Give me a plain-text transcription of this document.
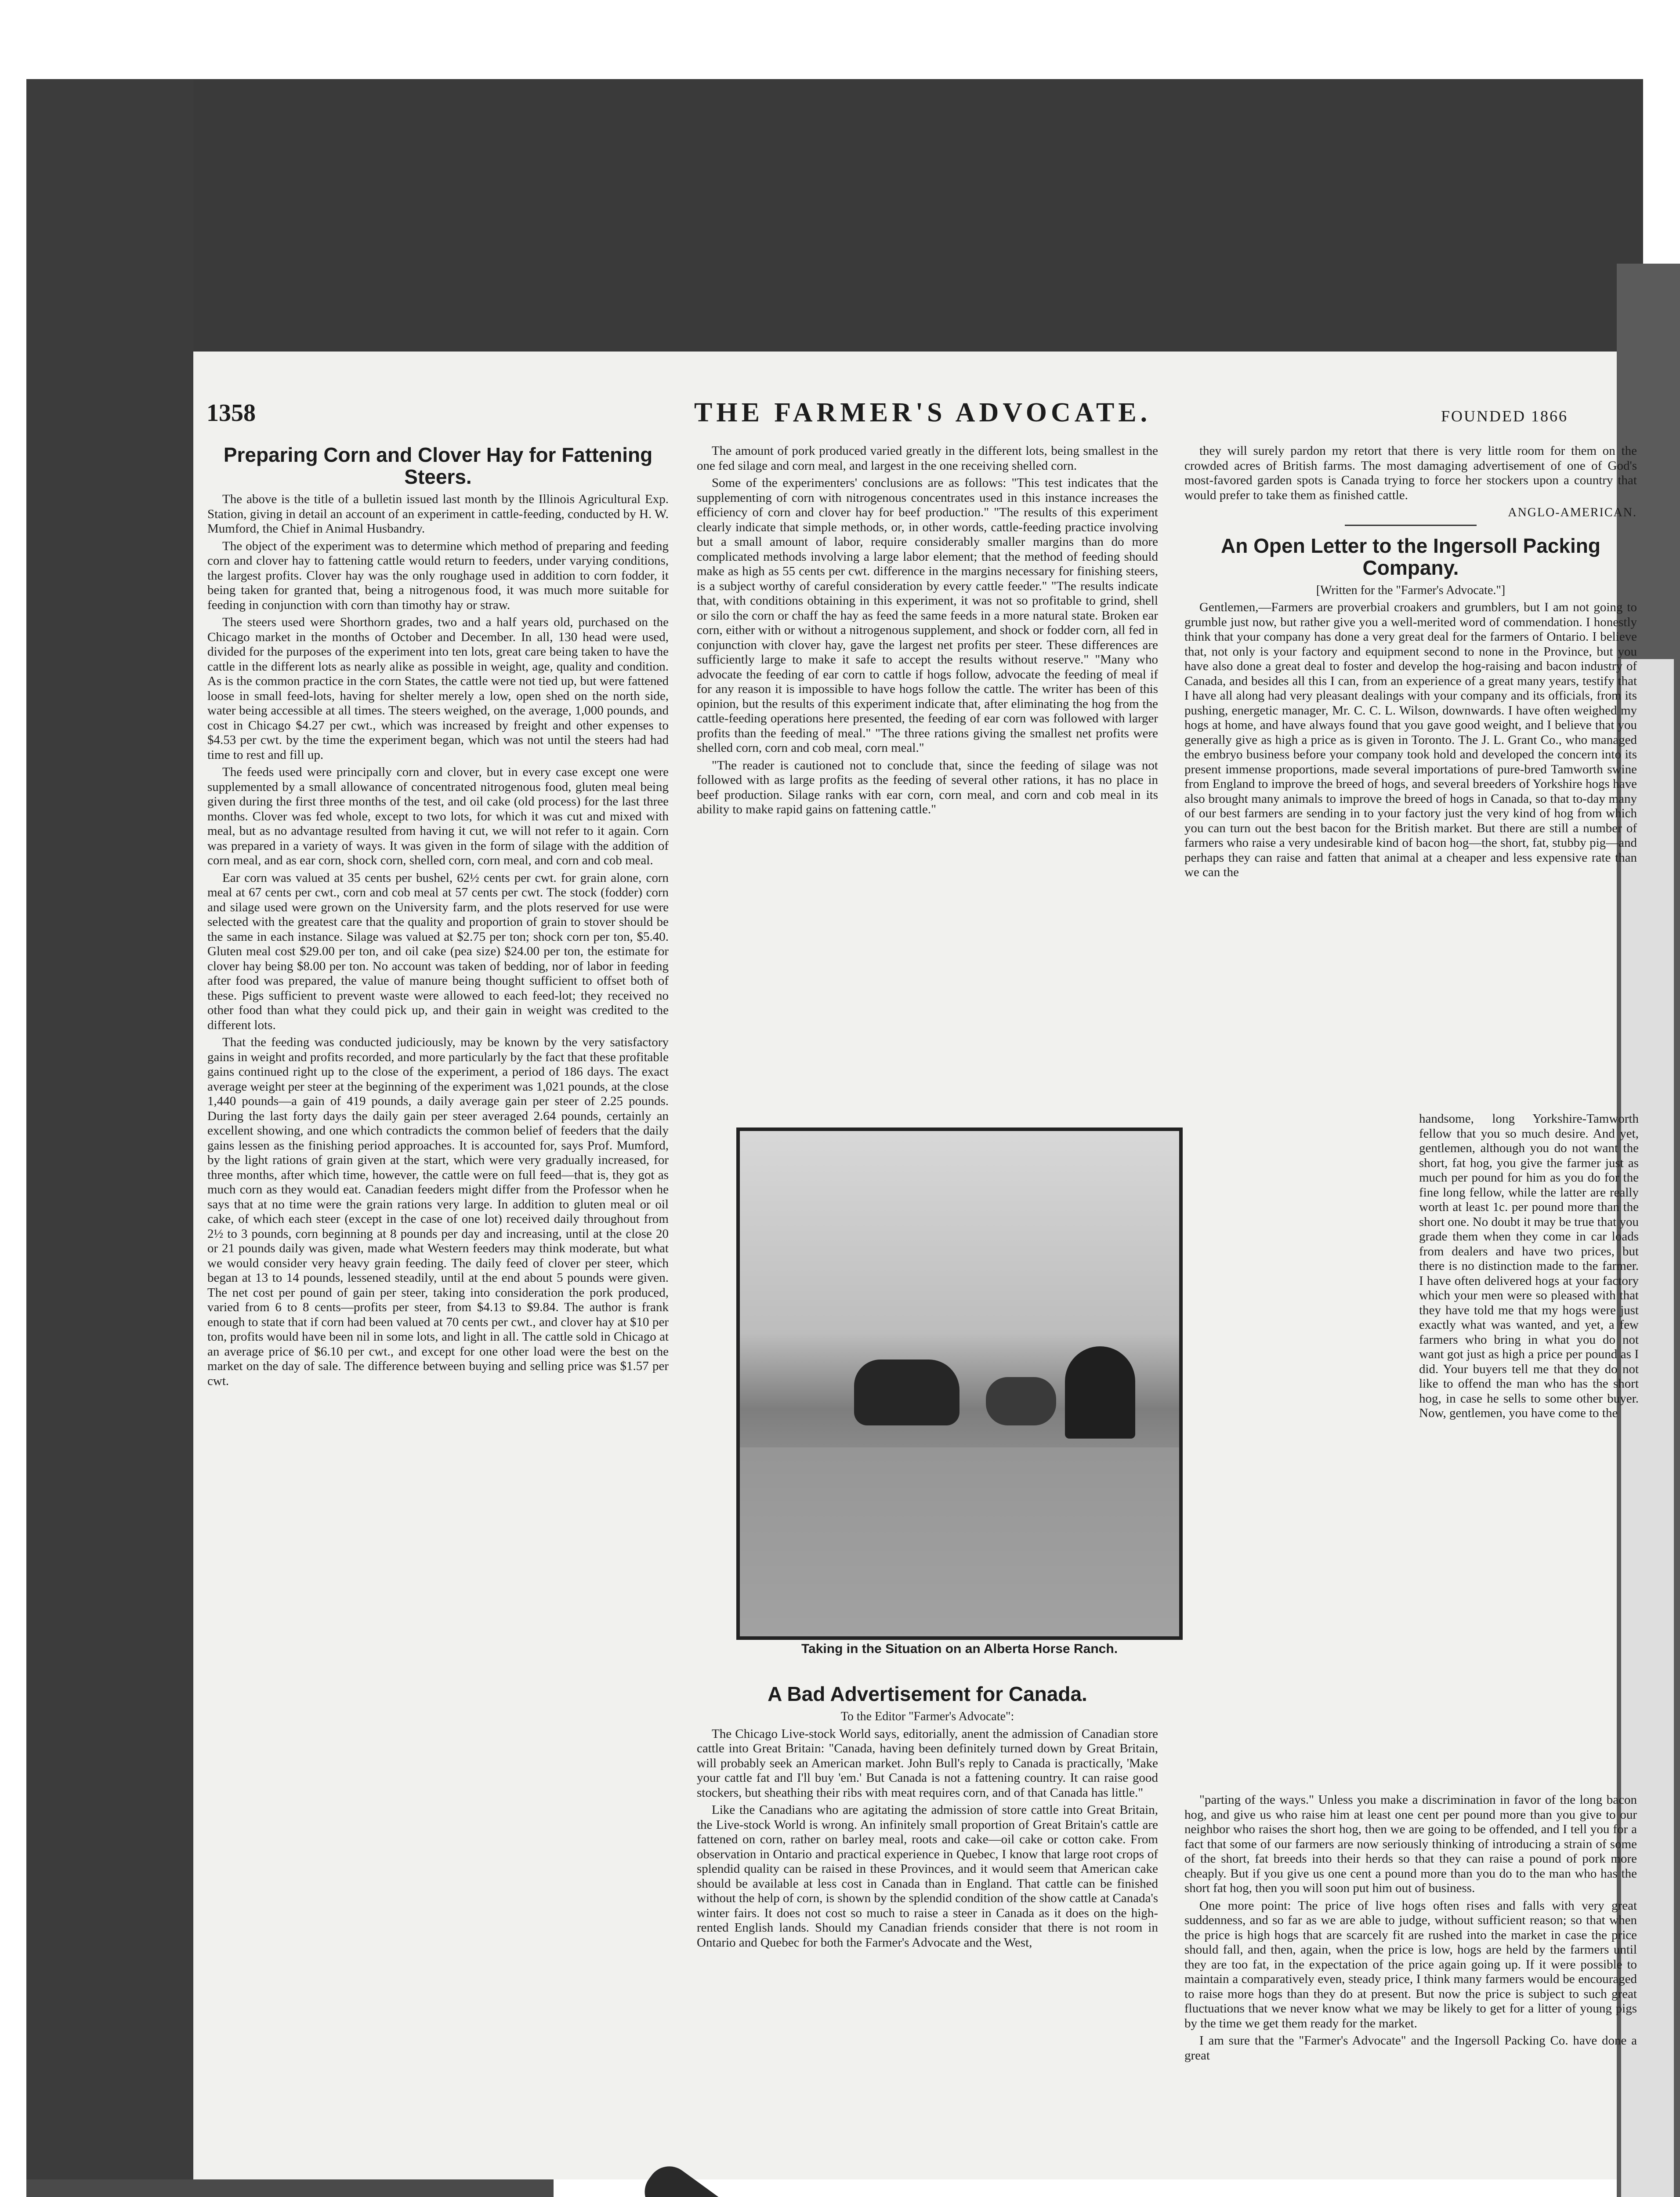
1358	THE FARMER'S ADVOCATE.	FOUNDED 1866
Preparing Corn and Clover Hay for Fattening Steers.

The above is the title of a bulletin issued last month by the Illinois Agricultural Exp. Station, giving in detail an account of an experiment in cattle-feeding, conducted by H. W. Mumford, the Chief in Animal Husbandry.

The object of the experiment was to determine which method of preparing and feeding corn and clover hay to fattening cattle would return to feeders, under varying conditions, the largest profits. Clover hay was the only roughage used in addition to corn fodder, it being taken for granted that, being a nitrogenous food, it was much more suitable for feeding in conjunction with corn than timothy hay or straw.

The steers used were Shorthorn grades, two and a half years old, purchased on the Chicago market in the months of October and December. In all, 130 head were used, divided for the purposes of the experiment into ten lots, great care being taken to have the cattle in the different lots as nearly alike as possible in weight, age, quality and condition. As is the common practice in the corn States, the cattle were not tied up, but were fattened loose in small feed-lots, having for shelter merely a low, open shed on the north side, water being accessible at all times. The steers weighed, on the average, 1,000 pounds, and cost in Chicago $4.27 per cwt., which was increased by freight and other expenses to $4.53 per cwt. by the time the experiment began, which was not until the steers had had time to rest and fill up.

The feeds used were principally corn and clover, but in every case except one were supplemented by a small allowance of concentrated nitrogenous food, gluten meal being given during the first three months of the test, and oil cake (old process) for the last three months. Clover was fed whole, except to two lots, for which it was cut and mixed with meal, but as no advantage resulted from having it cut, we will not refer to it again. Corn was prepared in a variety of ways. It was given in the form of silage with the addition of corn meal, and as ear corn, shock corn, shelled corn, corn meal, and corn and cob meal.

Ear corn was valued at 35 cents per bushel, 62½ cents per cwt. for grain alone, corn meal at 67 cents per cwt., corn and cob meal at 57 cents per cwt. The stock (fodder) corn and silage used were grown on the University farm, and the plots reserved for use were selected with the greatest care that the quality and proportion of grain to stover should be the same in each instance. Silage was valued at $2.75 per ton; shock corn per ton, $5.40. Gluten meal cost $29.00 per ton, and oil cake (pea size) $24.00 per ton, the estimate for clover hay being $8.00 per ton. No account was taken of bedding, nor of labor in feeding after food was prepared, the value of manure being thought sufficient to offset both of these. Pigs sufficient to prevent waste were allowed to each feed-lot; they received no other food than what they could pick up, and their gain in weight was credited to the different lots.

That the feeding was conducted judiciously, may be known by the very satisfactory gains in weight and profits recorded, and more particularly by the fact that these profitable gains continued right up to the close of the experiment, a period of 186 days. The exact average weight per steer at the beginning of the experiment was 1,021 pounds, at the close 1,440 pounds—a gain of 419 pounds, a daily average gain per steer of 2.25 pounds. During the last forty days the daily gain per steer averaged 2.64 pounds, certainly an excellent showing, and one which contradicts the common belief of feeders that the daily gains lessen as the finishing period approaches. It is accounted for, says Prof. Mumford, by the light rations of grain given at the start, which were very gradually increased, for three months, after which time, however, the cattle were on full feed—that is, they got as much corn as they would eat. Canadian feeders might differ from the Professor when he says that at no time were the grain rations very large. In addition to gluten meal or oil cake, of which each steer (except in the case of one lot) received daily throughout from 2½ to 3 pounds, corn beginning at 8 pounds per day and increasing, until at the close 20 or 21 pounds daily was given, made what Western feeders may think moderate, but what we would consider very heavy grain feeding. The daily feed of clover per steer, which began at 13 to 14 pounds, lessened steadily, until at the end about 5 pounds were given. The net cost per pound of gain per steer, taking into consideration the pork produced, varied from 6 to 8 cents—profits per steer, from $4.13 to $9.84. The author is frank enough to state that if corn had been valued at 70 cents per cwt., and clover hay at $10 per ton, profits would have been nil in some lots, and light in all. The cattle sold in Chicago at an average price of $6.10 per cwt., and except for one other load were the best on the market on the day of sale. The difference between buying and selling price was $1.57 per cwt.

The amount of pork produced varied greatly in the different lots, being smallest in the one fed silage and corn meal, and largest in the one receiving shelled corn.

Some of the experimenters' conclusions are as follows: "This test indicates that the supplementing of corn with nitrogenous concentrates used in this instance increases the efficiency of corn and clover hay for beef production." "The results of this experiment clearly indicate that simple methods, or, in other words, cattle-feeding practice involving but a small amount of labor, require considerably smaller margins than do more complicated methods involving a large labor element; that the method of feeding should make as high as 55 cents per cwt. difference in the margins necessary for finishing steers, is a subject worthy of careful consideration by every cattle feeder." "The results indicate that, with conditions obtaining in this experiment, it was not so profitable to grind, shell or silo the corn or chaff the hay as feed the same feeds in a more natural state. Broken ear corn, either with or without a nitrogenous supplement, and shock or fodder corn, all fed in conjunction with clover hay, gave the largest net profits per steer. These differences are sufficiently large to make it safe to accept the results without reserve." "Many who advocate the feeding of ear corn to cattle if hogs follow, advocate the feeding of meal if for any reason it is impossible to have hogs follow the cattle. The writer has been of this opinion, but the results of this experiment indicate that, after eliminating the hog from the cattle-feeding operations here presented, the feeding of ear corn was followed with larger profits than the feeding of meal." "The three rations giving the smallest net profits were shelled corn, corn and cob meal, corn meal."

"The reader is cautioned not to conclude that, since the feeding of silage was not followed with as large profits as the feeding of several other rations, it has no place in beef production. Silage ranks with ear corn, corn meal, and corn and cob meal in its ability to make rapid gains on fattening cattle."

Taking in the Situation on an Alberta Horse Ranch.
A Bad Advertisement for Canada.
To the Editor "Farmer's Advocate":

The Chicago Live-stock World says, editorially, anent the admission of Canadian store cattle into Great Britain: "Canada, having been definitely turned down by Great Britain, will probably seek an American market. John Bull's reply to Canada is practically, 'Make your cattle fat and I'll buy 'em.' But Canada is not a fattening country. It can raise good stockers, but sheathing their ribs with meat requires corn, and of that Canada has little."

Like the Canadians who are agitating the admission of store cattle into Great Britain, the Live-stock World is wrong. An infinitely small proportion of Great Britain's cattle are fattened on corn, rather on barley meal, roots and cake—oil cake or cotton cake. From observation in Ontario and practical experience in Quebec, I know that large root crops of splendid quality can be raised in these Provinces, and it would seem that American cake should be available at less cost in Canada than in England. That cattle can be finished without the help of corn, is shown by the splendid condition of the show cattle at Canada's winter fairs. It does not cost so much to raise a steer in Canada as it does on the high-rented English lands. Should my Canadian friends consider that there is not room in Ontario and Quebec for both the Farmer's Advocate and the West,

they will surely pardon my retort that there is very little room for them on the crowded acres of British farms. The most damaging advertisement of one of God's most-favored garden spots is Canada trying to force her stockers upon a country that would prefer to take them as finished cattle.

ANGLO-AMERICAN.
An Open Letter to the Ingersoll Packing Company.
[Written for the "Farmer's Advocate."]

Gentlemen,—Farmers are proverbial croakers and grumblers, but I am not going to grumble just now, but rather give you a well-merited word of commendation. I honestly think that your company has done a very great deal for the farmers of Ontario. I believe that, not only is your factory and equipment second to none in the Province, but you have also done a great deal to foster and develop the hog-raising and bacon industry of Canada, and besides all this I can, from an experience of a great many years, testify that I have all along had very pleasant dealings with your company and its officials, from its pushing, energetic manager, Mr. C. C. L. Wilson, downwards. I have often weighed my hogs at home, and have always found that you gave good weight, and I believe that you generally give as high a price as is given in Toronto. The J. L. Grant Co., who managed the embryo business before your company took hold and developed the concern into its present immense proportions, made several importations of pure-bred Tamworth swine from England to improve the breed of hogs, and several breeders of Yorkshire hogs have also brought many animals to improve the breed of hogs in Canada, so that to-day many of our best farmers are sending in to your factory just the very kind of hog from which you can turn out the best bacon for the British market. But there are still a number of farmers who raise a very undesirable kind of bacon hog—the short, fat, stubby pig—and perhaps they can raise and fatten that animal at a cheaper and less expensive rate than we can the

handsome, long Yorkshire-Tamworth fellow that you so much desire. And yet, gentlemen, although you do not want the short, fat hog, you give the farmer just as much per pound for him as you do for the fine long fellow, while the latter are really worth at least 1c. per pound more than the short one. No doubt it may be true that you grade them when they come in car loads from dealers and have two prices, but there is no distinction made to the farmer. I have often delivered hogs at your factory which your men were so pleased with that they have told me that my hogs were just exactly what was wanted, and yet, a few farmers who bring in what you do not want got just as high a price per pound as I did. Your buyers tell me that they do not like to offend the man who has the short hog, in case he sells to some other buyer. Now, gentlemen, you have come to the

"parting of the ways." Unless you make a discrimination in favor of the long bacon hog, and give us who raise him at least one cent per pound more than you give to our neighbor who raises the short hog, then we are going to be offended, and I tell you for a fact that some of our farmers are now seriously thinking of introducing a strain of some of the short, fat breeds into their herds so that they can raise a pound of pork more cheaply. But if you give us one cent a pound more than you do to the man who has the short fat hog, then you will soon put him out of business.

One more point: The price of live hogs often rises and falls with very great suddenness, and so far as we are able to judge, without sufficient reason; so that when the price is high hogs that are scarcely fit are rushed into the market in case the price should fall, and then, again, when the price is low, hogs are held by the farmers until they are too fat, in the expectation of the price again going up. If it were possible to maintain a comparatively even, steady price, I think many farmers would be encouraged to raise more hogs than they do at present. But now the price is subject to such great fluctuations that we never know what we may be likely to get for a litter of young pigs by the time we get them ready for the market.

I am sure that the "Farmer's Advocate" and the Ingersoll Packing Co. have done a great
